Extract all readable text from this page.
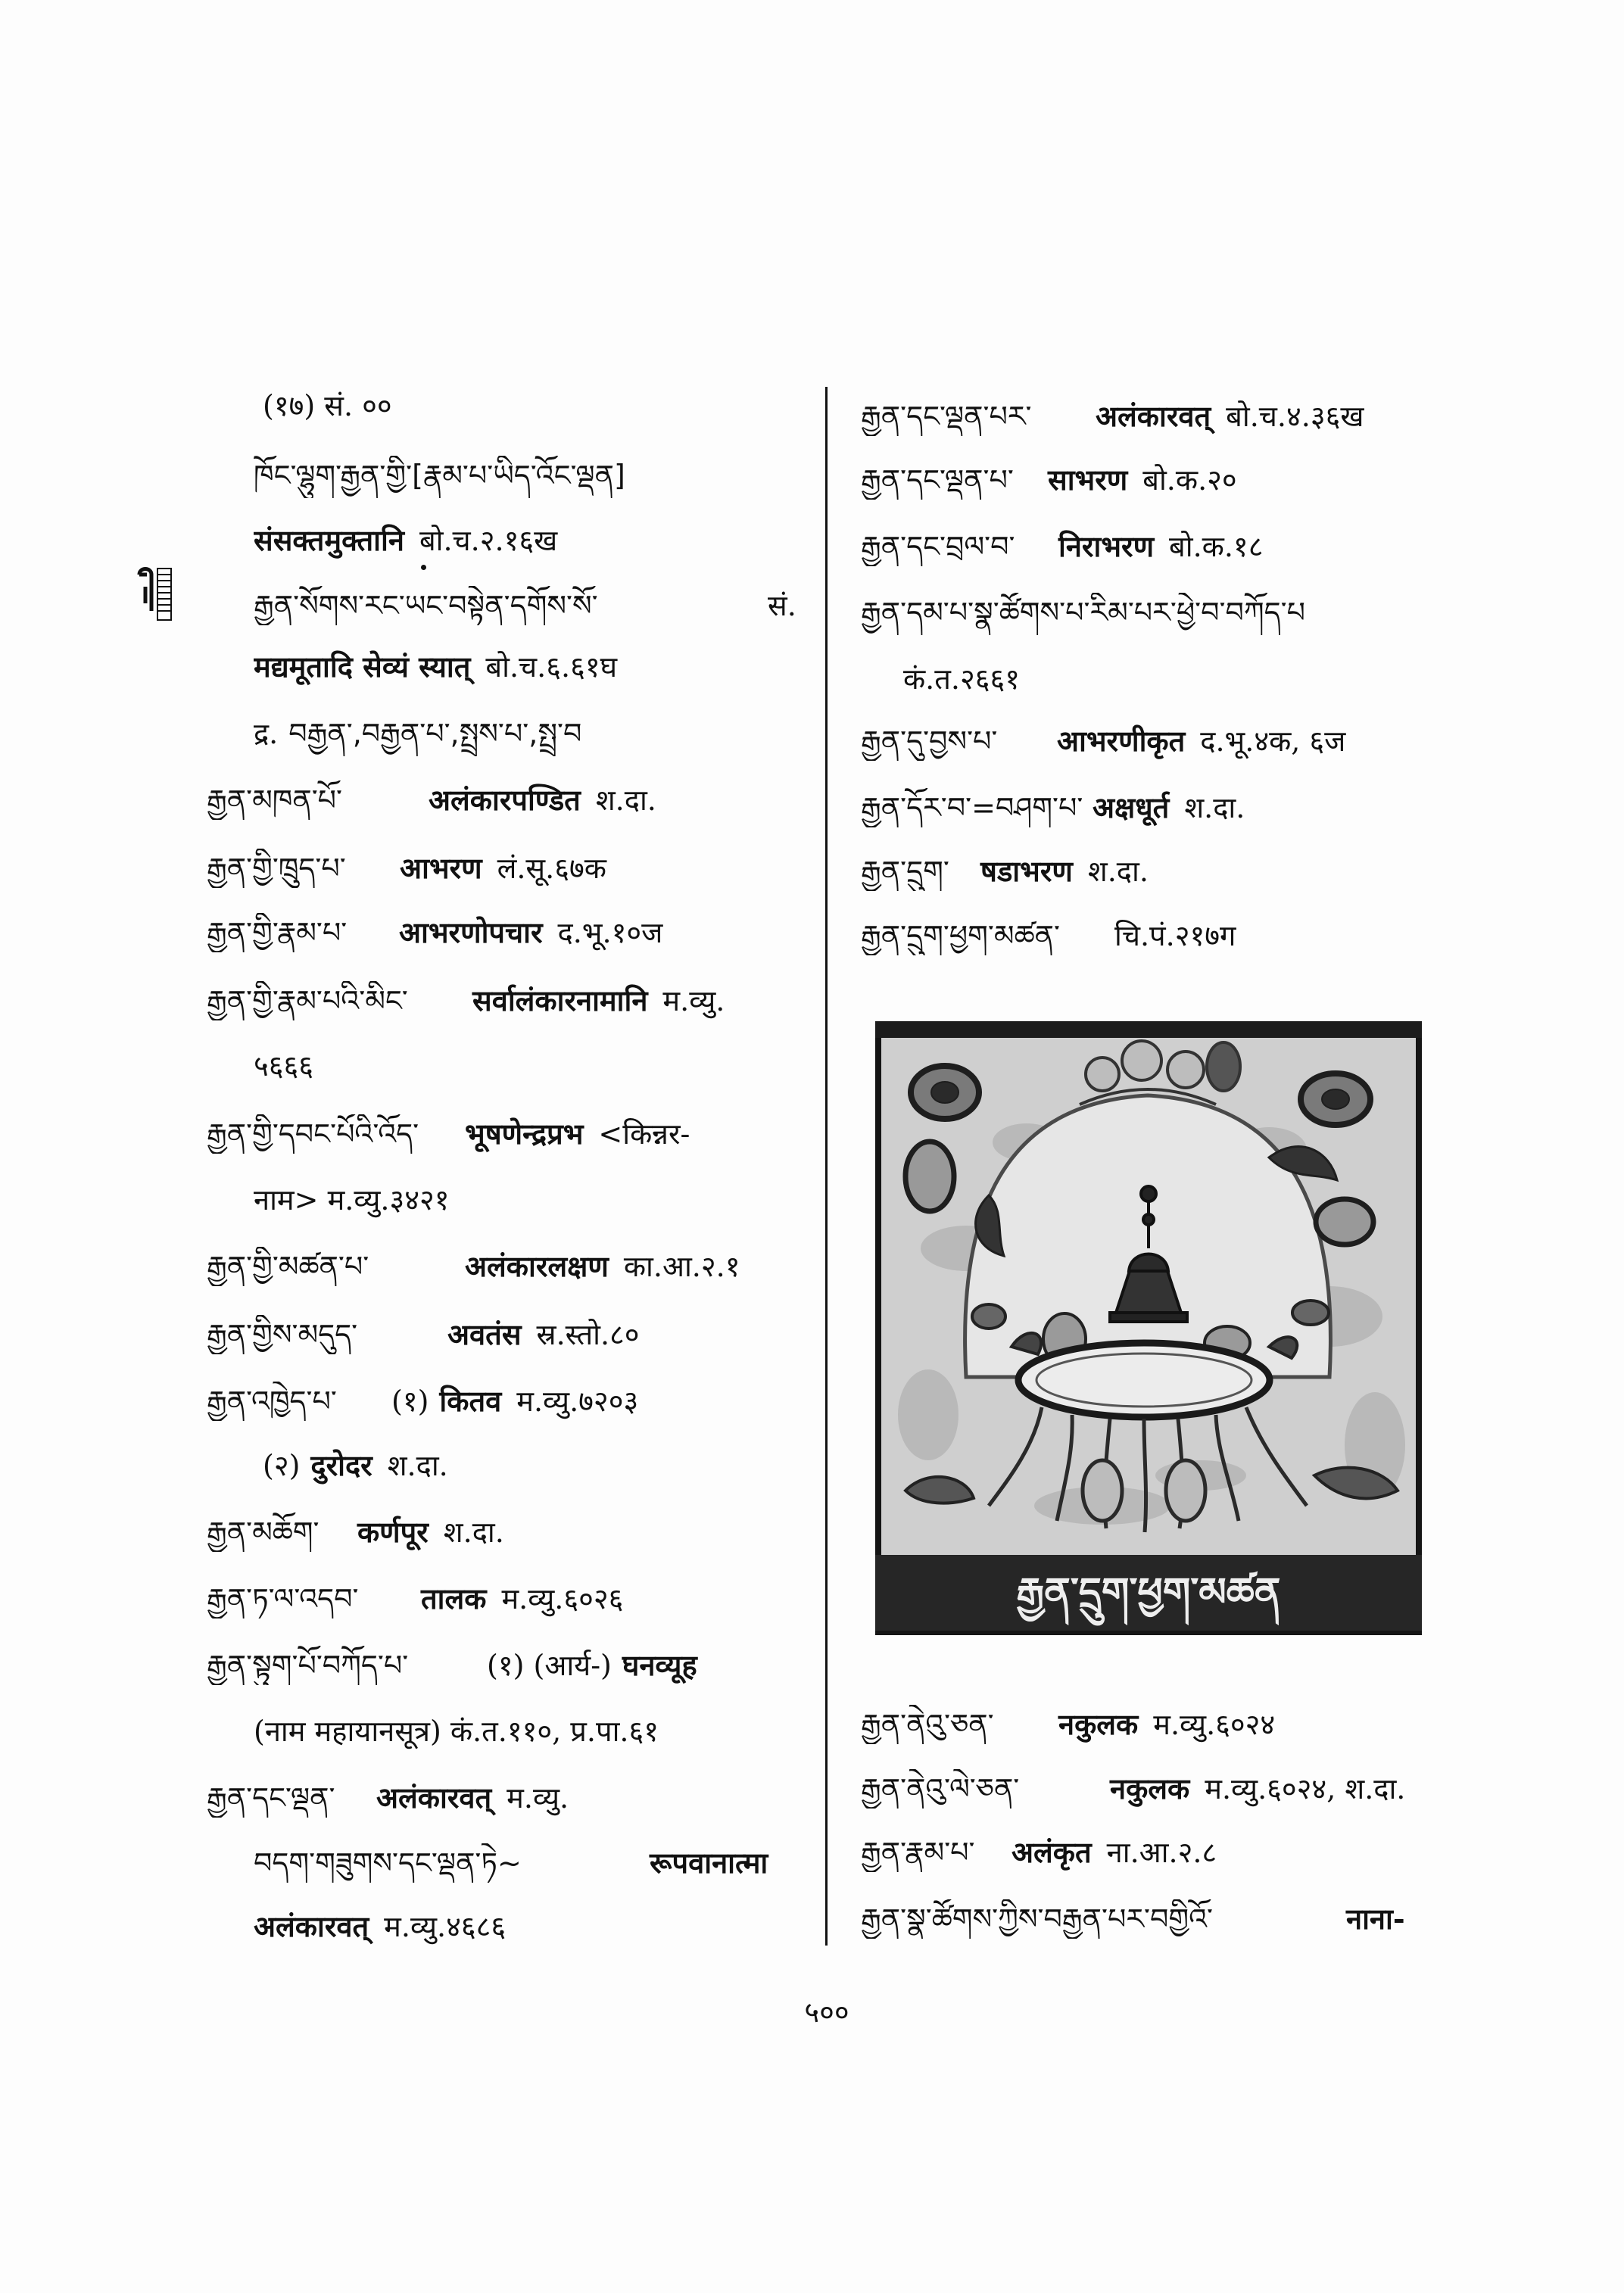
(१७) सं. ००
ཁོང་ལྷུག་རྒྱན་གྱི་[རྣམ་པ་ཡིད་འོང་ལྡན]
संसक्तमुक्तानि बो.च.२.१६ख
རྒྱན་སོགས་རང་ཡང་བསྟེན་དགོས་སོ་	सं.
मद्यमूतादि सेव्यं स्यात् बो.च.६.६१घ
द्र. བརྒྱན་,བརྒྱན་པ་,སྤྲས་པ་,སྤྲ་བ
རྒྱན་མཁན་པོ་	अलंकारपण्डित श.दा.
རྒྱན་གྱི་ཁྲུད་པ་ आभरण लं.सू.६७क
རྒྱན་གྱི་རྣམ་པ་ आभरणोपचार द.भू.१०ज
རྒྱན་གྱི་རྣམ་པའི་མིང་ सर्वालंकारनामानि म.व्यु.
५६६६
རྒྱན་གྱི་དབང་པོའི་འོད་ भूषणेन्द्रप्रभ <किन्नर-
नाम> म.व्यु.३४२१
རྒྱན་གྱི་མཚན་པ་	अलंकारलक्षण का.आ.२.१
རྒྱན་གྱིས་མདུད་	अवतंस स्र.स्तो.८०
རྒྱན་འཁྱེད་པ་ (१) कितव म.व्यु.७२०३
(२) दुरोदर श.दा.
རྒྱན་མཆོག་ कर्णपूर श.दा.
རྒྱན་ཏ་ལ་འདབ་ तालक म.व्यु.६०२६
རྒྱན་སྟུག་པོ་བཀོད་པ་	(१) (आर्य-) घनव्यूह
(नाम महायानसूत्र) कं.त.११०, प्र.पा.६१
རྒྱན་དང་ལྡན་ अलंकारवत् म.व्यु.
བདག་གཟུགས་དང་ལྡན་ཏེ~	रूपवानात्मा
अलंकारवत् म.व्यु.४६८६
རྒྱན་དང་ལྡན་པར་ अलंकारवत् बो.च.४.३६ख
རྒྱན་དང་ལྡན་པ་ साभरण बो.क.२०
རྒྱན་དང་བྲལ་བ་ निराभरण बो.क.१८
རྒྱན་དམ་པ་སྣ་ཚོགས་པ་རིམ་པར་ཕྱེ་བ་བཀོད་པ
कं.त.२६६१
རྒྱན་དུ་བྱས་པ་ आभरणीकृत द.भू.४क, ६ज
རྒྱན་དོར་བ་=བཤག་པ་ अक्षधूर्त श.दा.
རྒྱན་དྲུག་ षडाभरण श.दा.
རྒྱན་དྲུག་ཕྱག་མཚན་ चि.पं.२१७ग
རྒྱན་དྲུག་ཕྱག་མཚན
རྒྱན་ནེའུ་ཅན་ नकुलक म.व्यु.६०२४
རྒྱན་ནེའུ་ལེ་ཅན་	नकुलक म.व्यु.६०२४, श.दा.
རྒྱན་རྣམ་པ་ अलंकृत ना.आ.२.८
རྒྱན་སྣ་ཚོགས་ཀྱིས་བརྒྱན་པར་བགྱིའོ་	नाना-
५००
